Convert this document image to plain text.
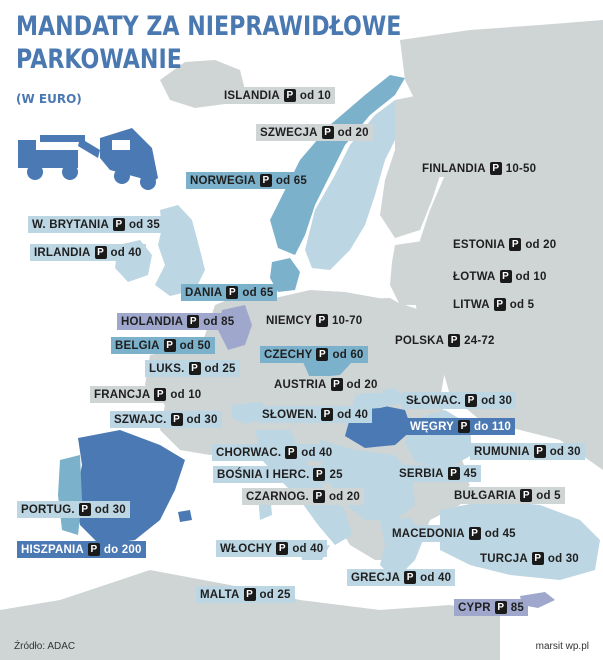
MANDATY ZA NIEPRAWIDŁOWE
PARKOWANIE
(W EURO)	ISLANDIA P od 10
SZWECJA P od 20
NORWEGIA P od 65
FINLANDIA P 10-50
W. BRYTANIA P od 35
IRLANDIA P od 40
ESTONIA P od 20
ŁOTWA P od 10
LITWA P od 5
DANIA P od 65
HOLANDIA P od 85	NIEMCY P 10-70
POLSKA P 24-72
BELGIA P od 50
CZECHY P od 60
LUKS. P od 25
FRANCJA P od 10
AUSTRIA P od 20
SŁOWAC. P od 30
SZWAJC. P od 30	SŁOWEN. P od 40
WĘGRY P do 110
CHORWAC. P od 40	RUMUNIA P od 30
BOŚNIA I HERC. P 25	SERBIA P 45
CZARNOG. P od 20	BUŁGARIA P od 5
PORTUG. P od 30
MACEDONIA P od 45
HISZPANIA P do 200	WŁOCHY P od 40
TURCJA P od 30
GRECJA P od 40
MALTA P od 25
CYPR P 85
Źródło: ADAC	marsit wp.pl
